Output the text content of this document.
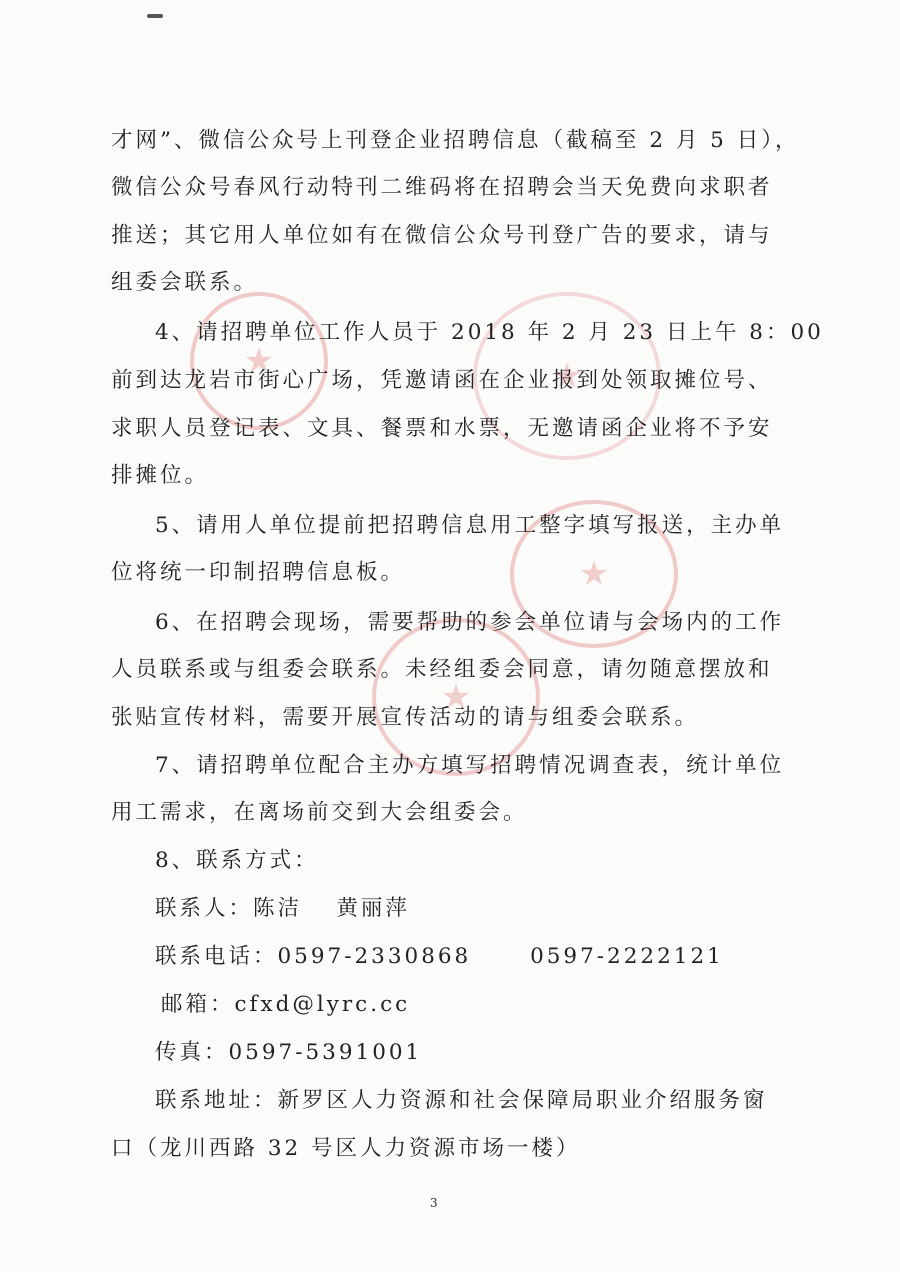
★
★
★
★
才网”、微信公众号上刊登企业招聘信息（截稿至 2 月 5 日），
微信公众号春风行动特刊二维码将在招聘会当天免费向求职者
推送；其它用人单位如有在微信公众号刊登广告的要求，请与
组委会联系。
4、请招聘单位工作人员于 2018 年 2 月 23 日上午 8：00
前到达龙岩市街心广场，凭邀请函在企业报到处领取摊位号、
求职人员登记表、文具、餐票和水票，无邀请函企业将不予安
排摊位。
5、请用人单位提前把招聘信息用工整字填写报送，主办单
位将统一印制招聘信息板。
6、在招聘会现场，需要帮助的参会单位请与会场内的工作
人员联系或与组委会联系。未经组委会同意，请勿随意摆放和
张贴宣传材料，需要开展宣传活动的请与组委会联系。
7、请招聘单位配合主办方填写招聘情况调查表，统计单位
用工需求，在离场前交到大会组委会。
8、联系方式：
联系人：陈洁　 黄丽萍
联系电话：0597-2330868　　 0597-2222121
邮箱：cfxd@lyrc.cc
传真：0597-5391001
联系地址：新罗区人力资源和社会保障局职业介绍服务窗
口（龙川西路 32 号区人力资源市场一楼）
3
